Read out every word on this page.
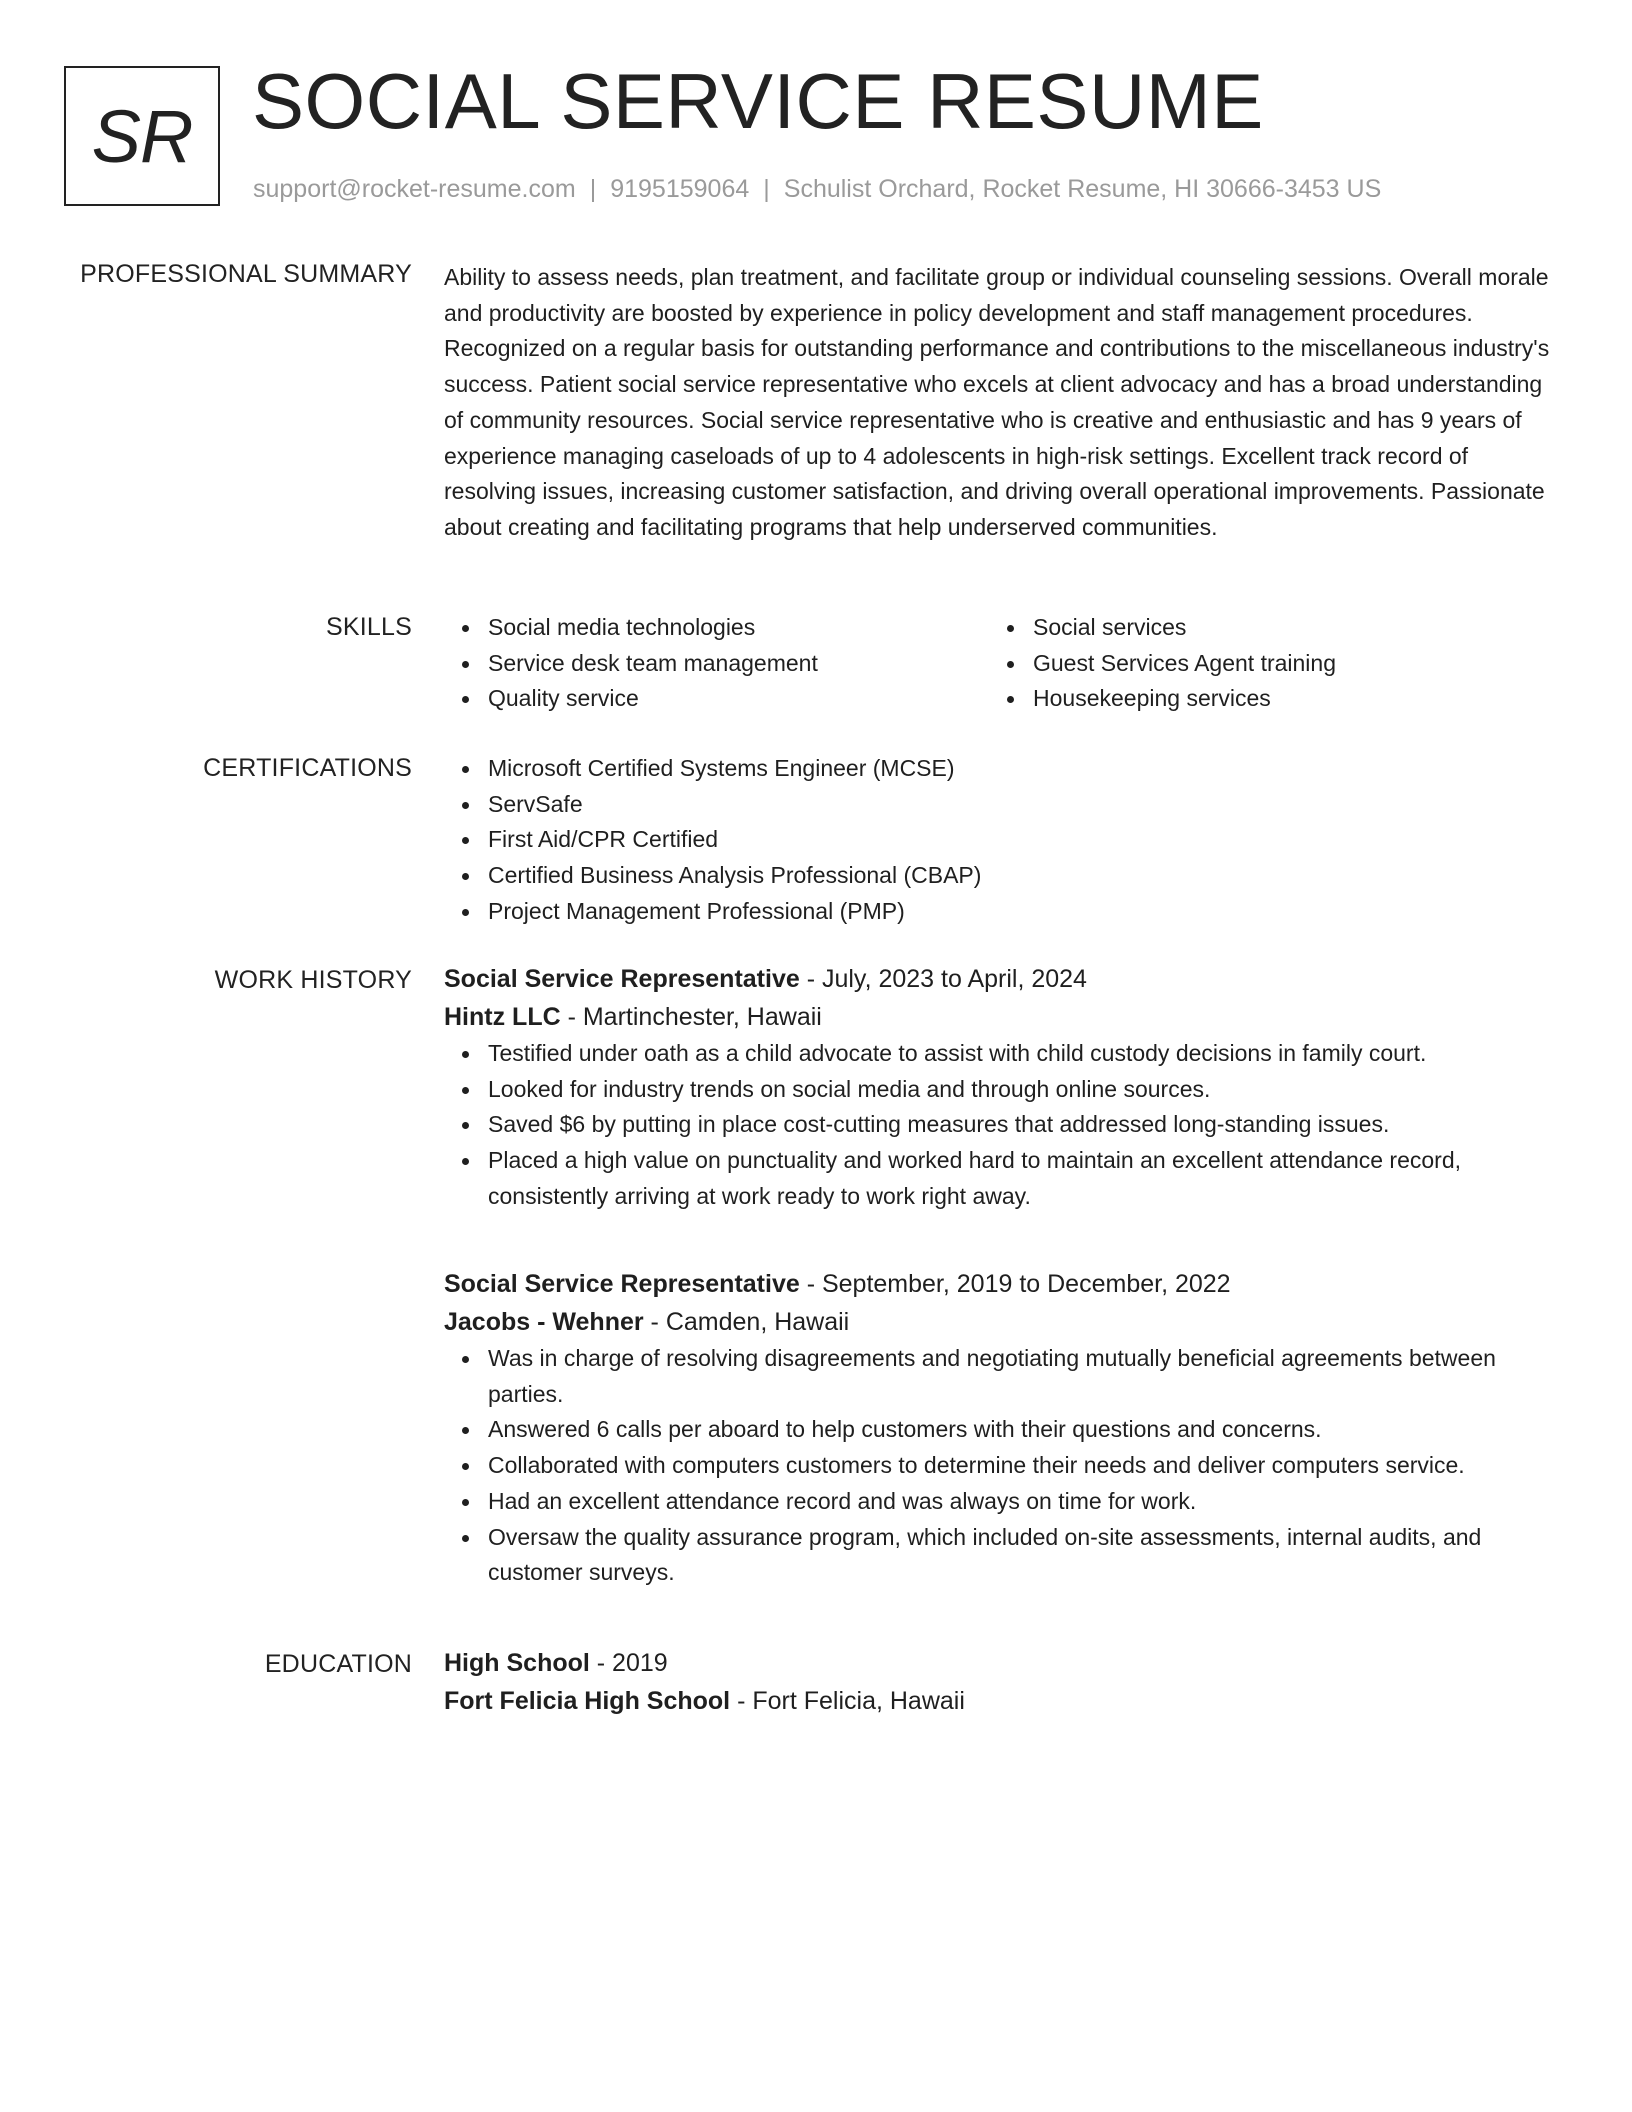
SR SOCIAL SERVICE RESUME
support@rocket-resume.com | 9195159064 | Schulist Orchard, Rocket Resume, HI 30666-3453 US
PROFESSIONAL SUMMARY Ability to assess needs, plan treatment, and facilitate group or individual counseling sessions. Overall morale and productivity are boosted by experience in policy development and staff management procedures. Recognized on a regular basis for outstanding performance and contributions to the miscellaneous industry's success. Patient social service representative who excels at client advocacy and has a broad understanding of community resources. Social service representative who is creative and enthusiastic and has 9 years of experience managing caseloads of up to 4 adolescents in high-risk settings. Excellent track record of resolving issues, increasing customer satisfaction, and driving overall operational improvements. Passionate about creating and facilitating programs that help underserved communities.
SKILLS	Social media technologies
Service desk team management
Quality service
Social services
Guest Services Agent training
Housekeeping services
CERTIFICATIONS	Microsoft Certified Systems Engineer (MCSE)
ServSafe
First Aid/CPR Certified
Certified Business Analysis Professional (CBAP)
Project Management Professional (PMP)
WORK HISTORY Social Service Representative - July, 2023 to April, 2024
Hintz LLC - Martinchester, Hawaii
Testified under oath as a child advocate to assist with child custody decisions in family court.
Looked for industry trends on social media and through online sources.
Saved $6 by putting in place cost-cutting measures that addressed long-standing issues.
Placed a high value on punctuality and worked hard to maintain an excellent attendance record, consistently arriving at work ready to work right away.
Social Service Representative - September, 2019 to December, 2022
Jacobs - Wehner - Camden, Hawaii
Was in charge of resolving disagreements and negotiating mutually beneficial agreements between parties.
Answered 6 calls per aboard to help customers with their questions and concerns.
Collaborated with computers customers to determine their needs and deliver computers service.
Had an excellent attendance record and was always on time for work.
Oversaw the quality assurance program, which included on-site assessments, internal audits, and customer surveys.
EDUCATION High School - 2019
Fort Felicia High School - Fort Felicia, Hawaii
